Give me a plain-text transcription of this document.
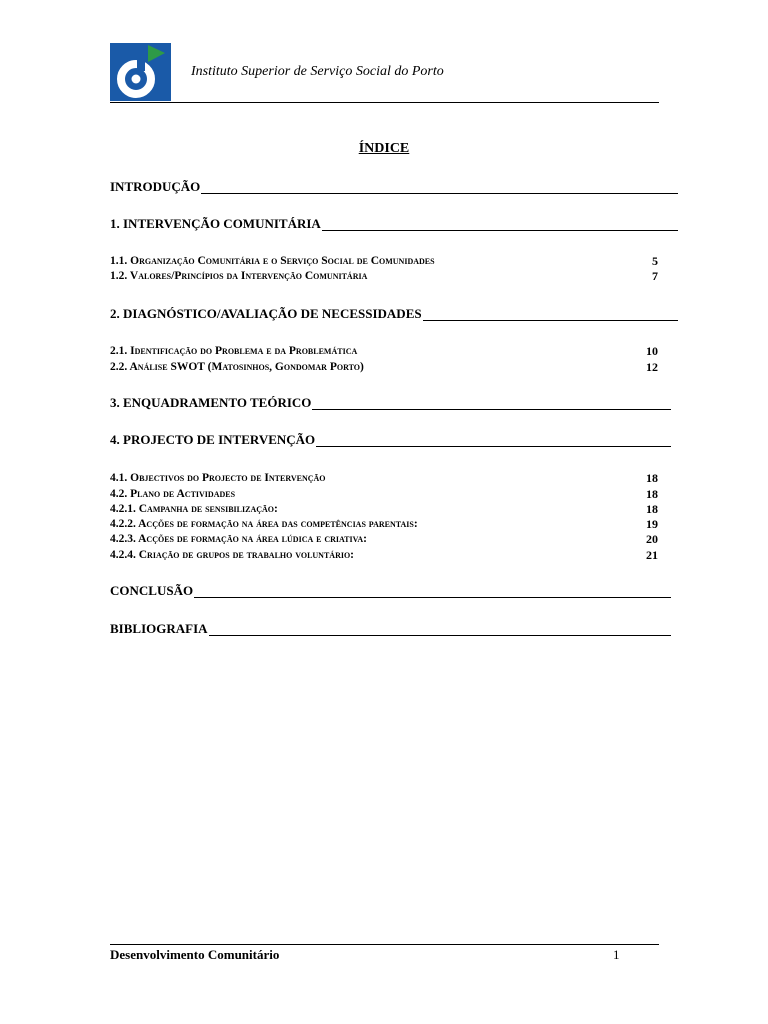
Instituto Superior de Serviço Social do Porto
ÍNDICE
INTRODUÇÃO
1. INTERVENÇÃO COMUNITÁRIA
1.1. Organização Comunitária e o Serviço Social de Comunidades	5
1.2. Valores/Princípios da Intervenção Comunitária	7
2. DIAGNÓSTICO/AVALIAÇÃO DE NECESSIDADES
2.1. Identificação do Problema e da Problemática	10
2.2. Análise SWOT (Matosinhos, Gondomar Porto)	12
3. ENQUADRAMENTO TEÓRICO
4. PROJECTO DE INTERVENÇÃO
4.1. Objectivos do Projecto de Intervenção	18
4.2. Plano de Actividades	18
4.2.1. Campanha de sensibilização:	18
4.2.2. Acções de formação na área das competências parentais:	19
4.2.3. Acções de formação na área lúdica e criativa:	20
4.2.4. Criação de grupos de trabalho voluntário:	21
CONCLUSÃO
BIBLIOGRAFIA
Desenvolvimento Comunitário	1
